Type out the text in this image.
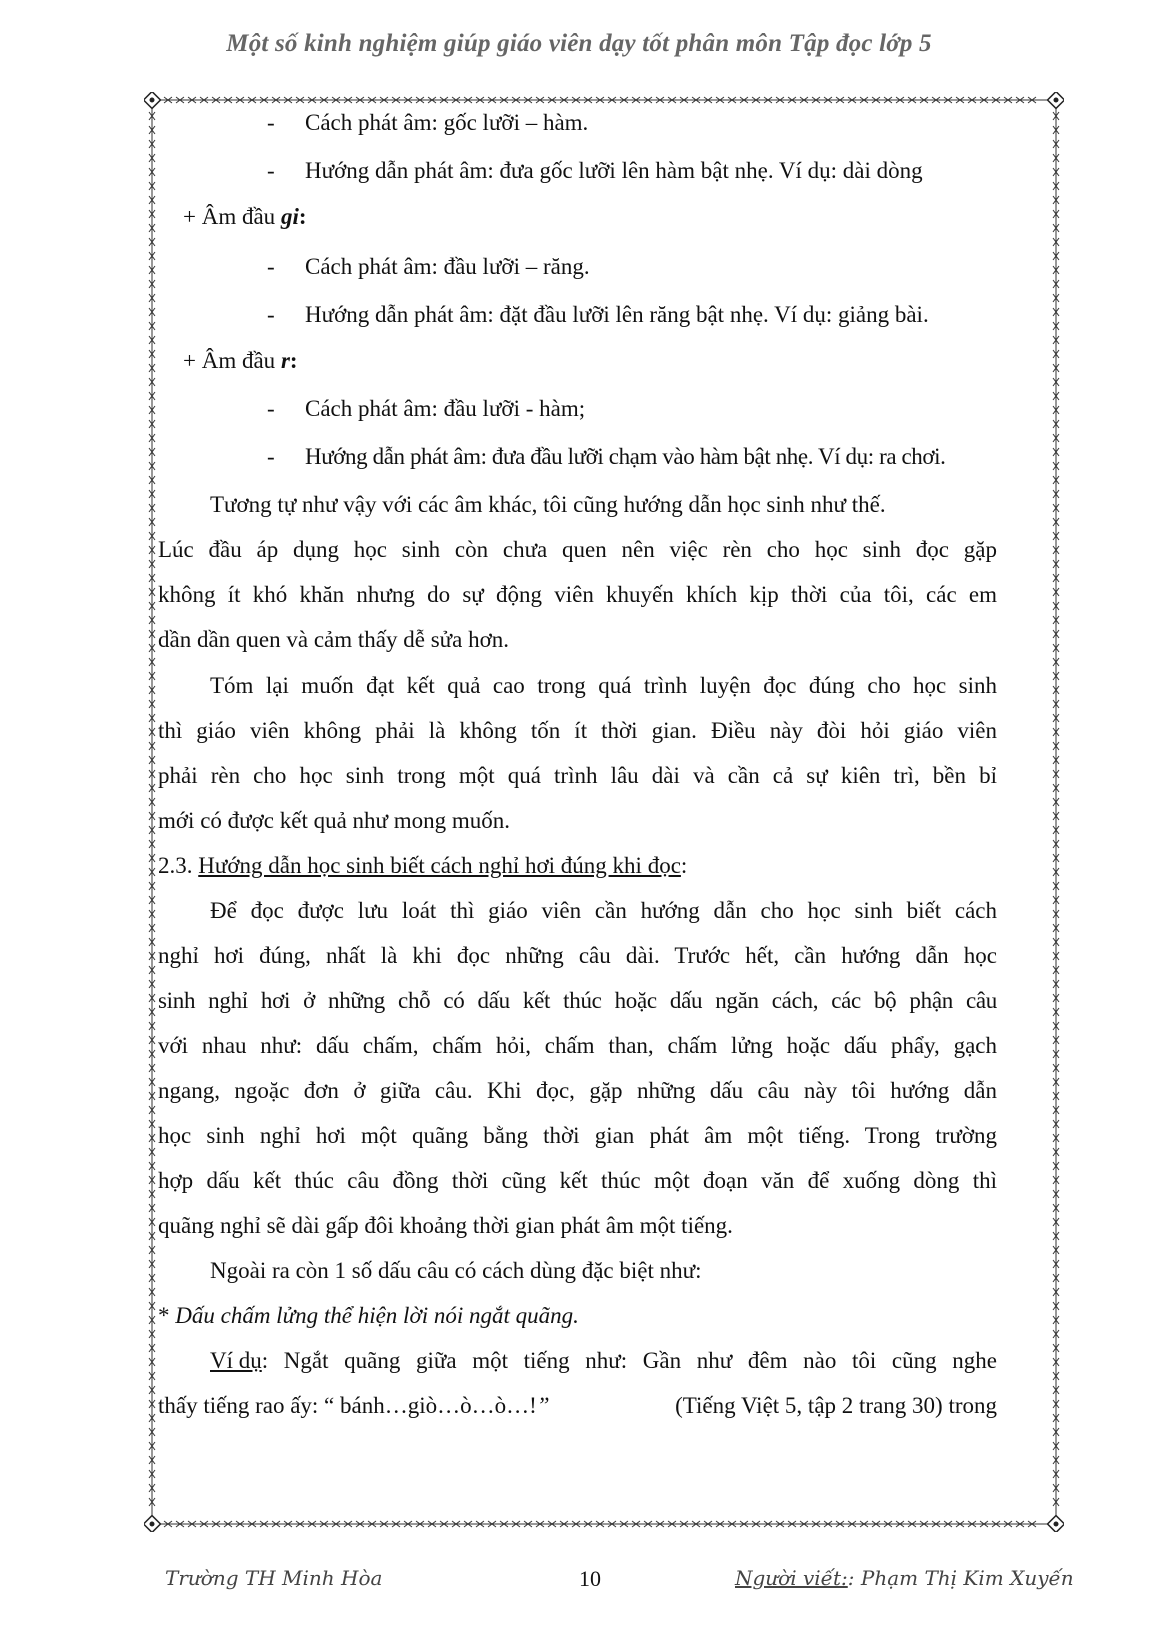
Một số kinh nghiệm giúp giáo viên dạy tốt phân môn Tập đọc lớp 5
- Cách phát âm: gốc lưỡi – hàm.
- Hướng dẫn phát âm: đưa gốc lưỡi lên hàm bật nhẹ. Ví dụ: dài dòng
+ Âm đầu gi:
- Cách phát âm: đầu lưỡi – răng.
- Hướng dẫn phát âm: đặt đầu lưỡi lên răng bật nhẹ. Ví dụ: giảng bài.
+ Âm đầu r:
- Cách phát âm: đầu lưỡi - hàm;
- Hướng dẫn phát âm: đưa đầu lưỡi chạm vào hàm bật nhẹ. Ví dụ: ra chơi.
Tương tự như vậy với các âm khác, tôi cũng hướng dẫn học sinh như thế.
Lúc đầu áp dụng học sinh còn chưa quen nên việc rèn cho học sinh đọc gặp
không ít khó khăn nhưng do sự động viên khuyến khích kịp thời của tôi, các em
dần dần quen và cảm thấy dễ sửa hơn.
Tóm lại muốn đạt kết quả cao trong quá trình luyện đọc đúng cho học sinh
thì giáo viên không phải là không tốn ít thời gian. Điều này đòi hỏi giáo viên
phải rèn cho học sinh trong một quá trình lâu dài và cần cả sự kiên trì, bền bỉ
mới có được kết quả như mong muốn.
2.3. Hướng dẫn học sinh biết cách nghỉ hơi đúng khi đọc:
Để đọc được lưu loát thì giáo viên cần hướng dẫn cho học sinh biết cách
nghỉ hơi đúng, nhất là khi đọc những câu dài. Trước hết, cần hướng dẫn học
sinh nghỉ hơi ở những chỗ có dấu kết thúc hoặc dấu ngăn cách, các bộ phận câu
với nhau như: dấu chấm, chấm hỏi, chấm than, chấm lửng hoặc dấu phẩy, gạch
ngang, ngoặc đơn ở giữa câu. Khi đọc, gặp những dấu câu này tôi hướng dẫn
học sinh nghỉ hơi một quãng bằng thời gian phát âm một tiếng. Trong trường
hợp dấu kết thúc câu đồng thời cũng kết thúc một đoạn văn để xuống dòng thì
quãng nghỉ sẽ dài gấp đôi khoảng thời gian phát âm một tiếng.
Ngoài ra còn 1 số dấu câu có cách dùng đặc biệt như:
* Dấu chấm lửng thể hiện lời nói ngắt quãng.
Ví dụ : Ngắt quãng giữa một tiếng như: Gần như đêm nào tôi cũng nghe
thấy tiếng rao ấy: “ bánh…giò…ò…ò…!”	(Tiếng Việt 5, tập 2 trang 30) trong
Trường TH Minh Hòa	10	Người viết:: Phạm Thị Kim Xuyến
